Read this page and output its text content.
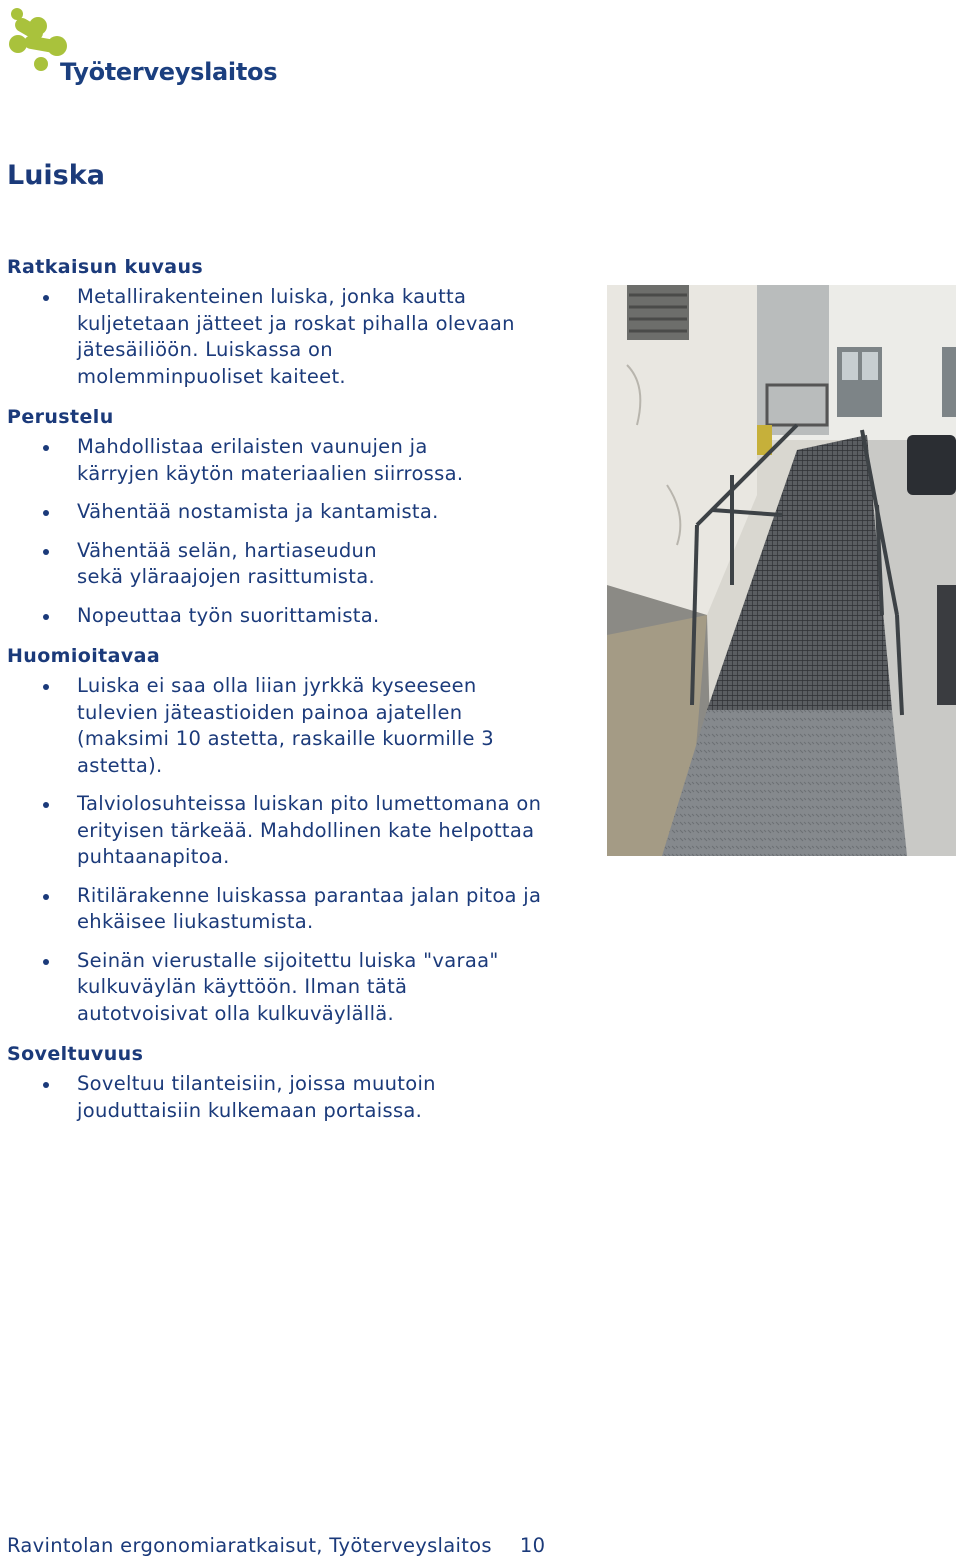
Työterveyslaitos
Luiska
Ratkaisun kuvaus
Metallirakenteinen luiska, jonka kautta kuljetetaan jätteet ja roskat pihalla olevaan jätesäiliöön. Luiskassa on molemminpuoliset kaiteet.
Perustelu
Mahdollistaa erilaisten vaunujen ja kärryjen käytön materiaalien siirrossa.
Vähentää nostamista ja kantamista.
Vähentää selän, hartiaseudun sekä yläraajojen rasittumista.
Nopeuttaa työn suorittamista.
Huomioitavaa
Luiska ei saa olla liian jyrkkä kyseeseen tulevien jäteastioiden painoa ajatellen (maksimi 10 astetta, raskaille kuormille 3 astetta).
Talviolosuhteissa luiskan pito lumettomana on erityisen tärkeää. Mahdollinen kate helpottaa puhtaanapitoa.
Ritilärakenne luiskassa parantaa jalan pitoa ja ehkäisee liukastumista.
Seinän vierustalle sijoitettu luiska "varaa" kulkuväylän käyttöön. Ilman tätä autotvoisivat olla kulkuväylällä.
Soveltuvuus
Soveltuu tilanteisiin, joissa muutoin jouduttaisiin kulkemaan portaissa.
Ravintolan ergonomiaratkaisut, Työterveyslaitos 10
